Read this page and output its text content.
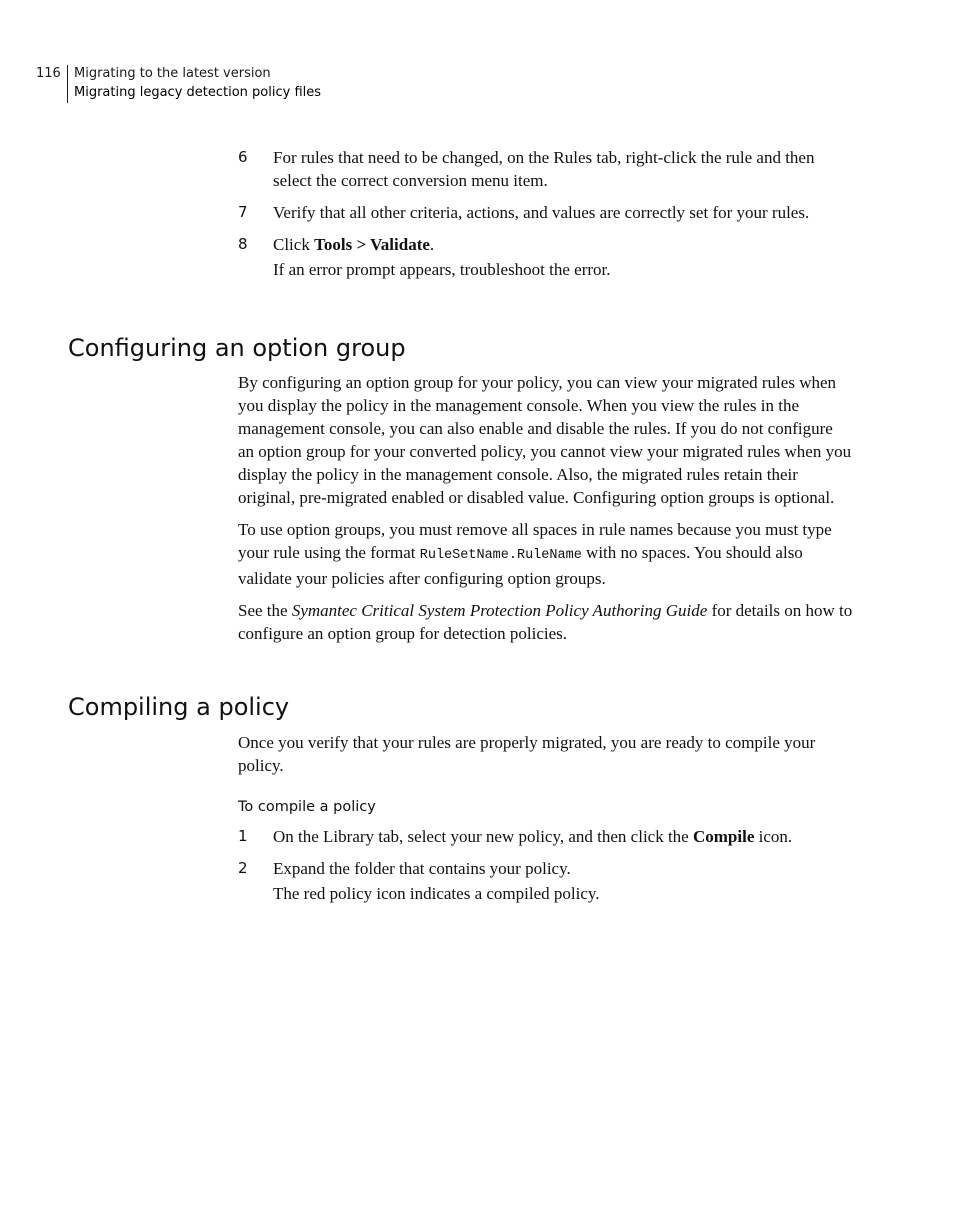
116 Migrating to the latest version
Migrating legacy detection policy files
6 For rules that need to be changed, on the Rules tab, right-click the rule and then select the correct conversion menu item.
7 Verify that all other criteria, actions, and values are correctly set for your rules.
8 Click Tools > Validate.
If an error prompt appears, troubleshoot the error.
Configuring an option group

By configuring an option group for your policy, you can view your migrated rules when you display the policy in the management console. When you view the rules in the management console, you can also enable and disable the rules. If you do not configure an option group for your converted policy, you cannot view your migrated rules when you display the policy in the management console. Also, the migrated rules retain their original, pre-migrated enabled or disabled value. Configuring option groups is optional.

To use option groups, you must remove all spaces in rule names because you must type your rule using the format RuleSetName.RuleName with no spaces. You should also validate your policies after configuring option groups.

See the Symantec Critical System Protection Policy Authoring Guide for details on how to configure an option group for detection policies.

Compiling a policy

Once you verify that your rules are properly migrated, you are ready to compile your policy.

To compile a policy

1 On the Library tab, select your new policy, and then click the Compile icon.
2 Expand the folder that contains your policy.
The red policy icon indicates a compiled policy.
